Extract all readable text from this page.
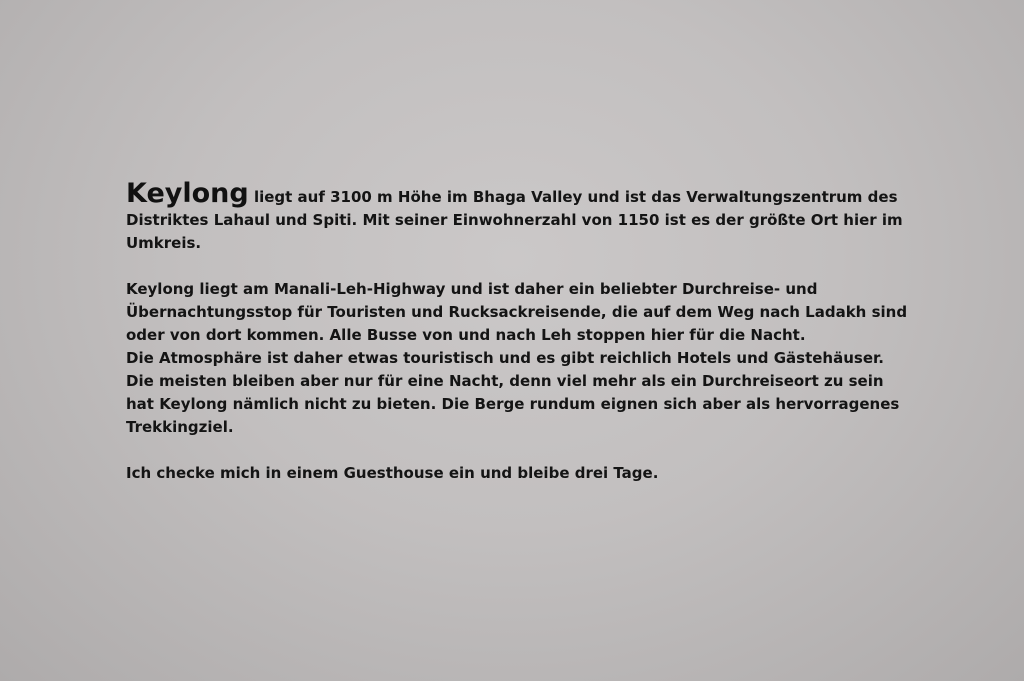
Keylong liegt auf 3100 m Höhe im Bhaga Valley und ist das Verwaltungszentrum des Distriktes Lahaul und Spiti. Mit seiner Einwohnerzahl von 1150 ist es der größte Ort hier im Umkreis.

Keylong liegt am Manali-Leh-Highway und ist daher ein beliebter Durchreise- und Übernachtungsstop für Touristen und Rucksackreisende, die auf dem Weg nach Ladakh sind oder von dort kommen. Alle Busse von und nach Leh stoppen hier für die Nacht.

Die Atmosphäre ist daher etwas touristisch und es gibt reichlich Hotels und Gästehäuser. Die meisten bleiben aber nur für eine Nacht, denn viel mehr als ein Durchreiseort zu sein hat Keylong nämlich nicht zu bieten. Die Berge rundum eignen sich aber als hervorragenes Trekkingziel.

Ich checke mich in einem Guesthouse ein und bleibe drei Tage.
